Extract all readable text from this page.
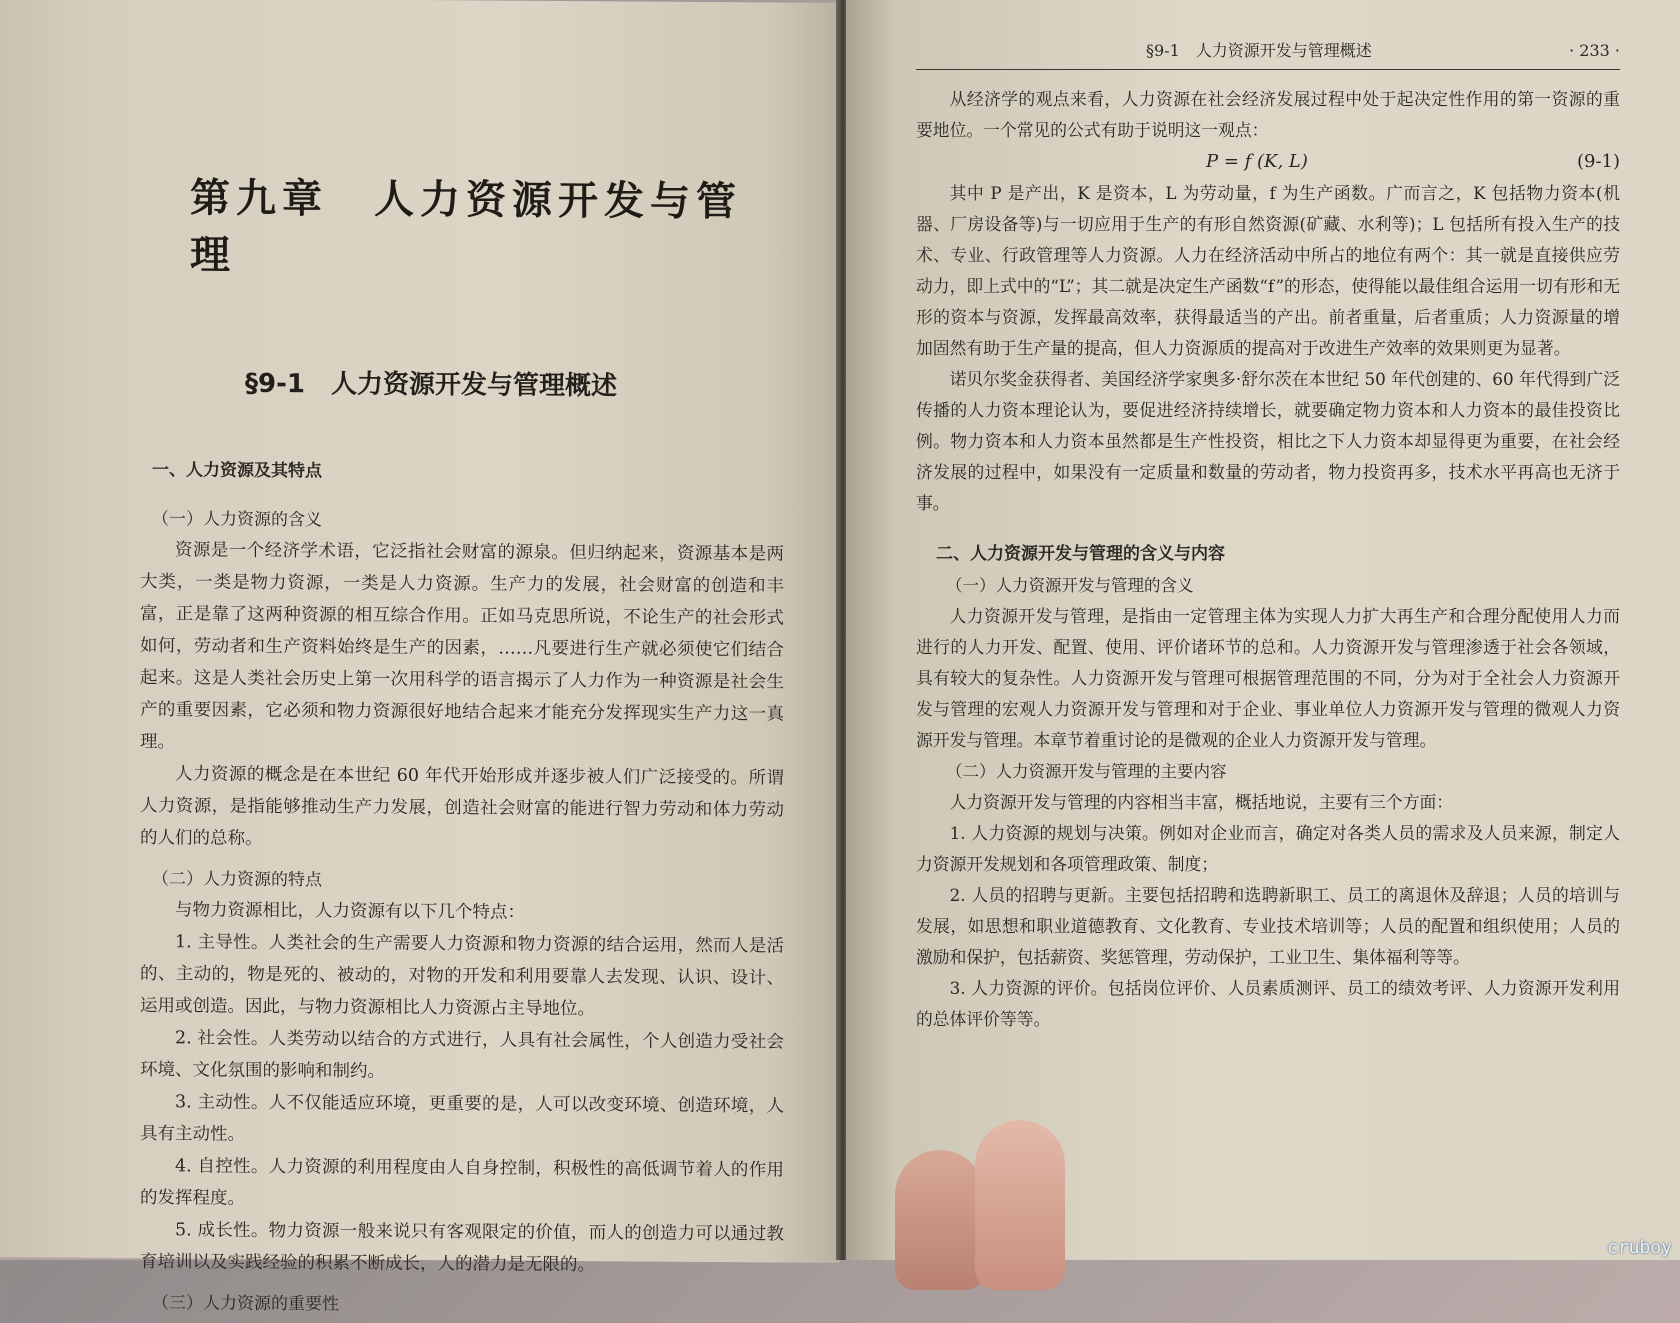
第九章　人力资源开发与管理
§9-1　人力资源开发与管理概述
一、人力资源及其特点
（一）人力资源的含义

资源是一个经济学术语，它泛指社会财富的源泉。但归纳起来，资源基本是两大类，一类是物力资源，一类是人力资源。生产力的发展，社会财富的创造和丰富，正是靠了这两种资源的相互综合作用。正如马克思所说，不论生产的社会形式如何，劳动者和生产资料始终是生产的因素，……凡要进行生产就必须使它们结合起来。这是人类社会历史上第一次用科学的语言揭示了人力作为一种资源是社会生产的重要因素，它必须和物力资源很好地结合起来才能充分发挥现实生产力这一真理。

人力资源的概念是在本世纪 60 年代开始形成并逐步被人们广泛接受的。所谓人力资源，是指能够推动生产力发展，创造社会财富的能进行智力劳动和体力劳动的人们的总称。

（二）人力资源的特点

与物力资源相比，人力资源有以下几个特点：

1. 主导性。人类社会的生产需要人力资源和物力资源的结合运用，然而人是活的、主动的，物是死的、被动的，对物的开发和利用要靠人去发现、认识、设计、运用或创造。因此，与物力资源相比人力资源占主导地位。

2. 社会性。人类劳动以结合的方式进行，人具有社会属性，个人创造力受社会环境、文化氛围的影响和制约。

3. 主动性。人不仅能适应环境，更重要的是，人可以改变环境、创造环境，人具有主动性。

4. 自控性。人力资源的利用程度由人自身控制，积极性的高低调节着人的作用的发挥程度。

5. 成长性。物力资源一般来说只有客观限定的价值，而人的创造力可以通过教育培训以及实践经验的积累不断成长，人的潜力是无限的。

（三）人力资源的重要性
§9-1　人力资源开发与管理概述	· 233 ·

从经济学的观点来看，人力资源在社会经济发展过程中处于起决定性作用的第一资源的重要地位。一个常见的公式有助于说明这一观点：

P = f (K, L)	(9-1)

其中 P 是产出，K 是资本，L 为劳动量，f 为生产函数。广而言之，K 包括物力资本(机器、厂房设备等)与一切应用于生产的有形自然资源(矿藏、水利等)；L 包括所有投入生产的技术、专业、行政管理等人力资源。人力在经济活动中所占的地位有两个：其一就是直接供应劳动力，即上式中的“L”；其二就是决定生产函数“f”的形态，使得能以最佳组合运用一切有形和无形的资本与资源，发挥最高效率，获得最适当的产出。前者重量，后者重质；人力资源量的增加固然有助于生产量的提高，但人力资源质的提高对于改进生产效率的效果则更为显著。

诺贝尔奖金获得者、美国经济学家奥多·舒尔茨在本世纪 50 年代创建的、60 年代得到广泛传播的人力资本理论认为，要促进经济持续增长，就要确定物力资本和人力资本的最佳投资比例。物力资本和人力资本虽然都是生产性投资，相比之下人力资本却显得更为重要，在社会经济发展的过程中，如果没有一定质量和数量的劳动者，物力投资再多，技术水平再高也无济于事。

二、人力资源开发与管理的含义与内容
（一）人力资源开发与管理的含义

人力资源开发与管理，是指由一定管理主体为实现人力扩大再生产和合理分配使用人力而进行的人力开发、配置、使用、评价诸环节的总和。人力资源开发与管理渗透于社会各领域，具有较大的复杂性。人力资源开发与管理可根据管理范围的不同，分为对于全社会人力资源开发与管理的宏观人力资源开发与管理和对于企业、事业单位人力资源开发与管理的微观人力资源开发与管理。本章节着重讨论的是微观的企业人力资源开发与管理。

（二）人力资源开发与管理的主要内容

人力资源开发与管理的内容相当丰富，概括地说，主要有三个方面：

1. 人力资源的规划与决策。例如对企业而言，确定对各类人员的需求及人员来源，制定人力资源开发规划和各项管理政策、制度；

2. 人员的招聘与更新。主要包括招聘和选聘新职工、员工的离退休及辞退；人员的培训与发展，如思想和职业道德教育、文化教育、专业技术培训等；人员的配置和组织使用；人员的激励和保护，包括薪资、奖惩管理，劳动保护，工业卫生、集体福利等等。

3. 人力资源的评价。包括岗位评价、人员素质测评、员工的绩效考评、人力资源开发利用的总体评价等等。

cruboy
